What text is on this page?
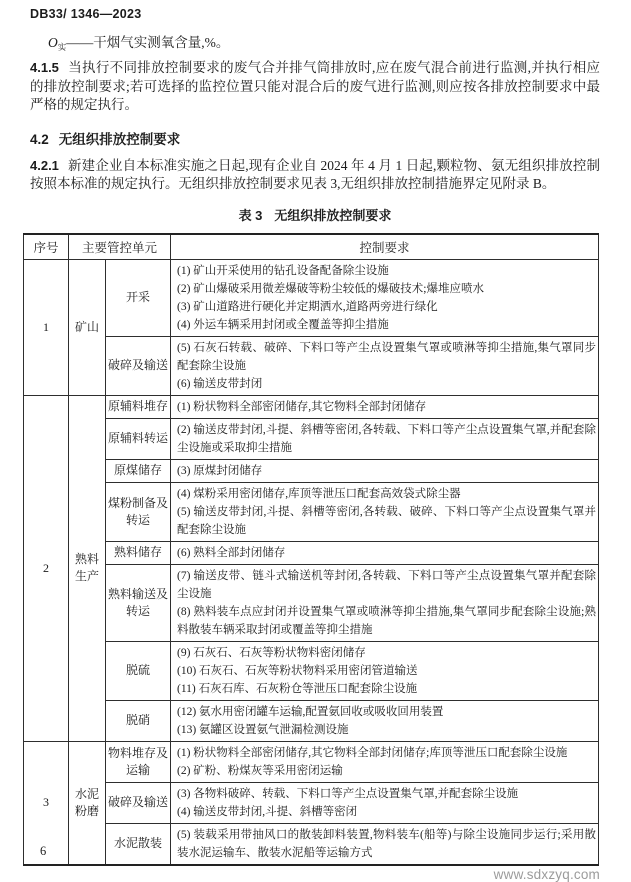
DB33/ 1346—2023
$O_实——$干烟气实测氧含量,%。

4.1.5 当执行不同排放控制要求的废气合并排气筒排放时,应在废气混合前进行监测,并执行相应的排放控制要求;若可选择的监控位置只能对混合后的废气进行监测,则应按各排放控制要求中最严格的规定执行。

4.2 无组织排放控制要求

4.2.1 新建企业自本标准实施之日起,现有企业自 2024 年 4 月 1 日起,颗粒物、氨无组织排放控制按照本标准的规定执行。无组织排放控制要求见表 3,无组织排放控制措施界定见附录 B。

表 3 无组织排放控制要求
序号	主要管控单元		控制要求
1	矿山	开采	(1) 矿山开采使用的钻孔设备配备除尘设施
(2) 矿山爆破采用微差爆破等粉尘较低的爆破技术;爆堆应喷水
(3) 矿山道路进行硬化并定期洒水,道路两旁进行绿化
(4) 外运车辆采用封闭或全覆盖等抑尘措施

		破碎及输送	(5) 石灰石转载、破碎、下料口等产尘点设置集气罩或喷淋等抑尘措施,集气罩同步配套除尘设施
(6) 输送皮带封闭

2	熟料生产	原辅料堆存	(1) 粉状物料全部密闭储存,其它物料全部封闭储存

		原辅料转运	(2) 输送皮带封闭,斗提、斜槽等密闭,各转载、下料口等产尘点设置集气罩,并配套除尘设施或采取抑尘措施

		原煤储存	(3) 原煤封闭储存

		煤粉制备及转运	(4) 煤粉采用密闭储存,库顶等泄压口配套高效袋式除尘器
(5) 输送皮带封闭,斗提、斜槽等密闭,各转载、破碎、下料口等产尘点设置集气罩并配套除尘设施

		熟料储存	(6) 熟料全部封闭储存

		熟料输送及转运	(7) 输送皮带、链斗式输送机等封闭,各转载、下料口等产尘点设置集气罩并配套除尘设施
(8) 熟料装车点应封闭并设置集气罩或喷淋等抑尘措施,集气罩同步配套除尘设施;熟料散装车辆采取封闭或覆盖等抑尘措施

		脱硫	(9) 石灰石、石灰等粉状物料密闭储存
(10) 石灰石、石灰等粉状物料采用密闭管道输送
(11) 石灰石库、石灰粉仓等泄压口配套除尘设施

		脱硝	(12) 氨水用密闭罐车运输,配置氨回收或吸收回用装置
(13) 氨罐区设置氨气泄漏检测设施

3	水泥粉磨	物料堆存及运输	(1) 粉状物料全部密闭储存,其它物料全部封闭储存;库顶等泄压口配套除尘设施
(2) 矿粉、粉煤灰等采用密闭运输

		破碎及输送	(3) 各物料破碎、转载、下料口等产尘点设置集气罩,并配套除尘设施
(4) 输送皮带封闭,斗提、斜槽等密闭

		水泥散装	(5) 装载采用带抽风口的散装卸料装置,物料装车(船等)与除尘设施同步运行;采用散装水泥运输车、散装水泥船等运输方式
www.sdxzyq.com
6
